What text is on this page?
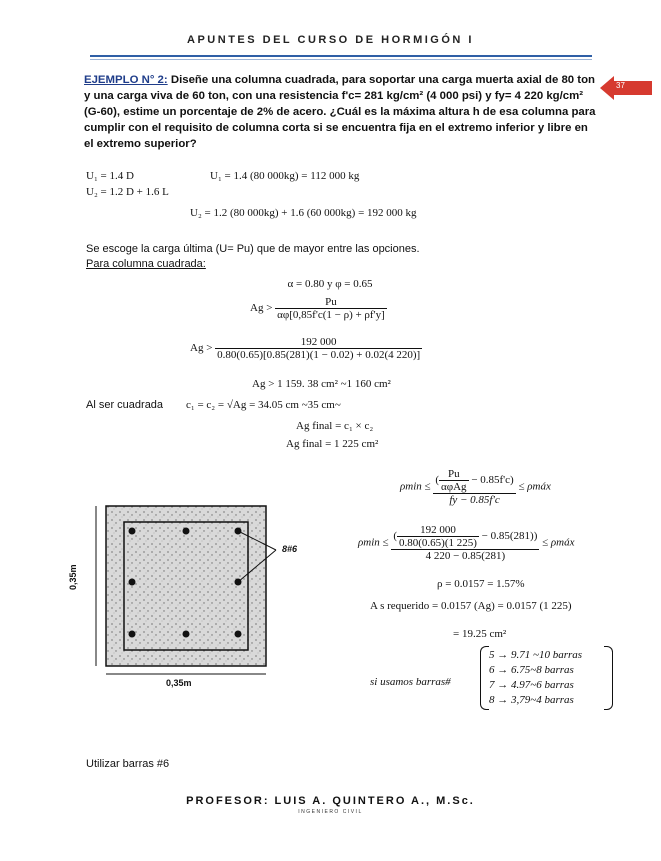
APUNTES DEL CURSO DE HORMIGÓN I
37
EJEMPLO N° 2: Diseñe una columna cuadrada, para soportar una carga muerta axial de 80 ton y una carga viva de 60 ton, con una resistencia f'c= 281 kg/cm² (4 000 psi) y fy= 4 220 kg/cm² (G-60), estime un porcentaje de 2% de acero. ¿Cuál es la máxima altura h de esa columna para cumplir con el requisito de columna corta si se encuentra fija en el extremo inferior y libre en el extremo superior?
U₁ = 1.4 D
U₂ = 1.2 D + 1.6 L
U₁ = 1.4 (80 000kg) = 112 000 kg
U₂ = 1.2 (80 000kg) + 1.6 (60 000kg) = 192 000 kg
Se escoge la carga última (U= Pu) que de mayor entre las opciones.
Para columna cuadrada:
α = 0.80 y φ = 0.65
$Ag > \frac{Pu}{\alpha\varphi[0,85f'c(1 - \rho) + \rho f'y]}$
$Ag > \frac{192 000}{0.80(0.65)[0.85(281)(1 - 0.02) + 0.02(4 220)]}$
Ag > 1 159. 38 cm² ~1 160 cm²
Al ser cuadrada c₁ = c₂ = √Ag = 34.05 cm ~35 cm~
Ag final = c₁ × c₂
Ag final = 1 225 cm²
$\rho\min \le \frac{( \frac{Pu}{\text{αφAg}} - 0.85f'c)}{fy - 0.85f'c}$ ≤ ρmáx
ρmin ≤
( $\frac{192 000}{0.80(0.65)(1 225)} - 0.85(281)$)
4 220 − 0.85(281)
≤ ρmáx
ρ = 0.0157 = 1.57%
A s requerido = 0.0157 (Ag) = 0.0157 (1 225)
= 19.25 cm²
si usamos barras#
5 → 9.71 ~10 barras
6 → 6.75~8 barras
7 → 4.97~6 barras
8 → 3,79~4 barras
8#6
0,35m
0,35m
Utilizar barras #6
PROFESOR: LUIS A. QUINTERO A., M.Sc.
INGENIERO CIVIL
